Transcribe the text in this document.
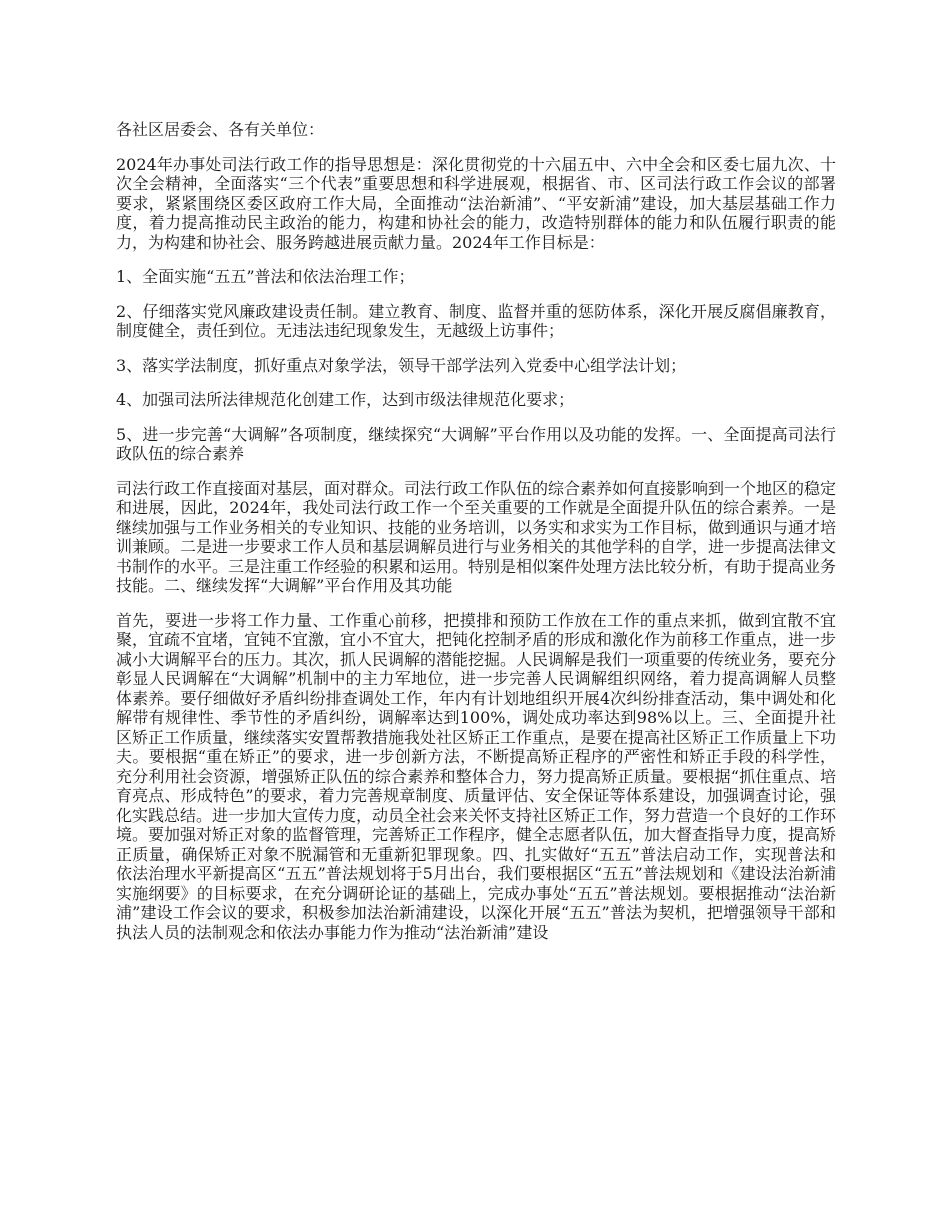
各社区居委会、各有关单位：

2024年办事处司法行政工作的指导思想是：深化贯彻党的十六届五中、六中全会和区委七届九次、十次全会精神，全面落实“三个代表”重要思想和科学进展观，根据省、市、区司法行政工作会议的部署要求，紧紧围绕区委区政府工作大局，全面推动“法治新浦”、“平安新浦”建设，加大基层基础工作力度，着力提高推动民主政治的能力，构建和协社会的能力，改造特别群体的能力和队伍履行职责的能力，为构建和协社会、服务跨越进展贡献力量。2024年工作目标是：

1、全面实施“五五”普法和依法治理工作；

2、仔细落实党风廉政建设责任制。建立教育、制度、监督并重的惩防体系，深化开展反腐倡廉教育，制度健全，责任到位。无违法违纪现象发生，无越级上访事件；

3、落实学法制度，抓好重点对象学法，领导干部学法列入党委中心组学法计划；

4、加强司法所法律规范化创建工作，达到市级法律规范化要求；

5、进一步完善“大调解”各项制度，继续探究“大调解”平台作用以及功能的发挥。一、全面提高司法行政队伍的综合素养

司法行政工作直接面对基层，面对群众。司法行政工作队伍的综合素养如何直接影响到一个地区的稳定和进展，因此，2024年，我处司法行政工作一个至关重要的工作就是全面提升队伍的综合素养。一是继续加强与工作业务相关的专业知识、技能的业务培训，以务实和求实为工作目标，做到通识与通才培训兼顾。二是进一步要求工作人员和基层调解员进行与业务相关的其他学科的自学，进一步提高法律文书制作的水平。三是注重工作经验的积累和运用。特别是相似案件处理方法比较分析，有助于提高业务技能。二、继续发挥“大调解”平台作用及其功能

首先，要进一步将工作力量、工作重心前移，把摸排和预防工作放在工作的重点来抓，做到宜散不宜聚，宜疏不宜堵，宜钝不宜激，宜小不宜大，把钝化控制矛盾的形成和激化作为前移工作重点，进一步减小大调解平台的压力。其次，抓人民调解的潜能挖掘。人民调解是我们一项重要的传统业务，要充分彰显人民调解在“大调解”机制中的主力军地位，进一步完善人民调解组织网络，着力提高调解人员整体素养。要仔细做好矛盾纠纷排查调处工作，年内有计划地组织开展4次纠纷排查活动，集中调处和化解带有规律性、季节性的矛盾纠纷，调解率达到100%，调处成功率达到98%以上。三、全面提升社区矫正工作质量，继续落实安置帮教措施我处社区矫正工作重点，是要在提高社区矫正工作质量上下功夫。要根据“重在矫正”的要求，进一步创新方法，不断提高矫正程序的严密性和矫正手段的科学性，充分利用社会资源，增强矫正队伍的综合素养和整体合力，努力提高矫正质量。要根据“抓住重点、培育亮点、形成特色”的要求，着力完善规章制度、质量评估、安全保证等体系建设，加强调查讨论，强化实践总结。进一步加大宣传力度，动员全社会来关怀支持社区矫正工作，努力营造一个良好的工作环境。要加强对矫正对象的监督管理，完善矫正工作程序，健全志愿者队伍，加大督查指导力度，提高矫正质量，确保矫正对象不脱漏管和无重新犯罪现象。四、扎实做好“五五”普法启动工作，实现普法和依法治理水平新提高区“五五”普法规划将于5月出台，我们要根据区“五五”普法规划和《建设法治新浦实施纲要》的目标要求，在充分调研论证的基础上，完成办事处“五五”普法规划。要根据推动“法治新浦”建设工作会议的要求，积极参加法治新浦建设，以深化开展“五五”普法为契机，把增强领导干部和执法人员的法制观念和依法办事能力作为推动“法治新浦”建设
